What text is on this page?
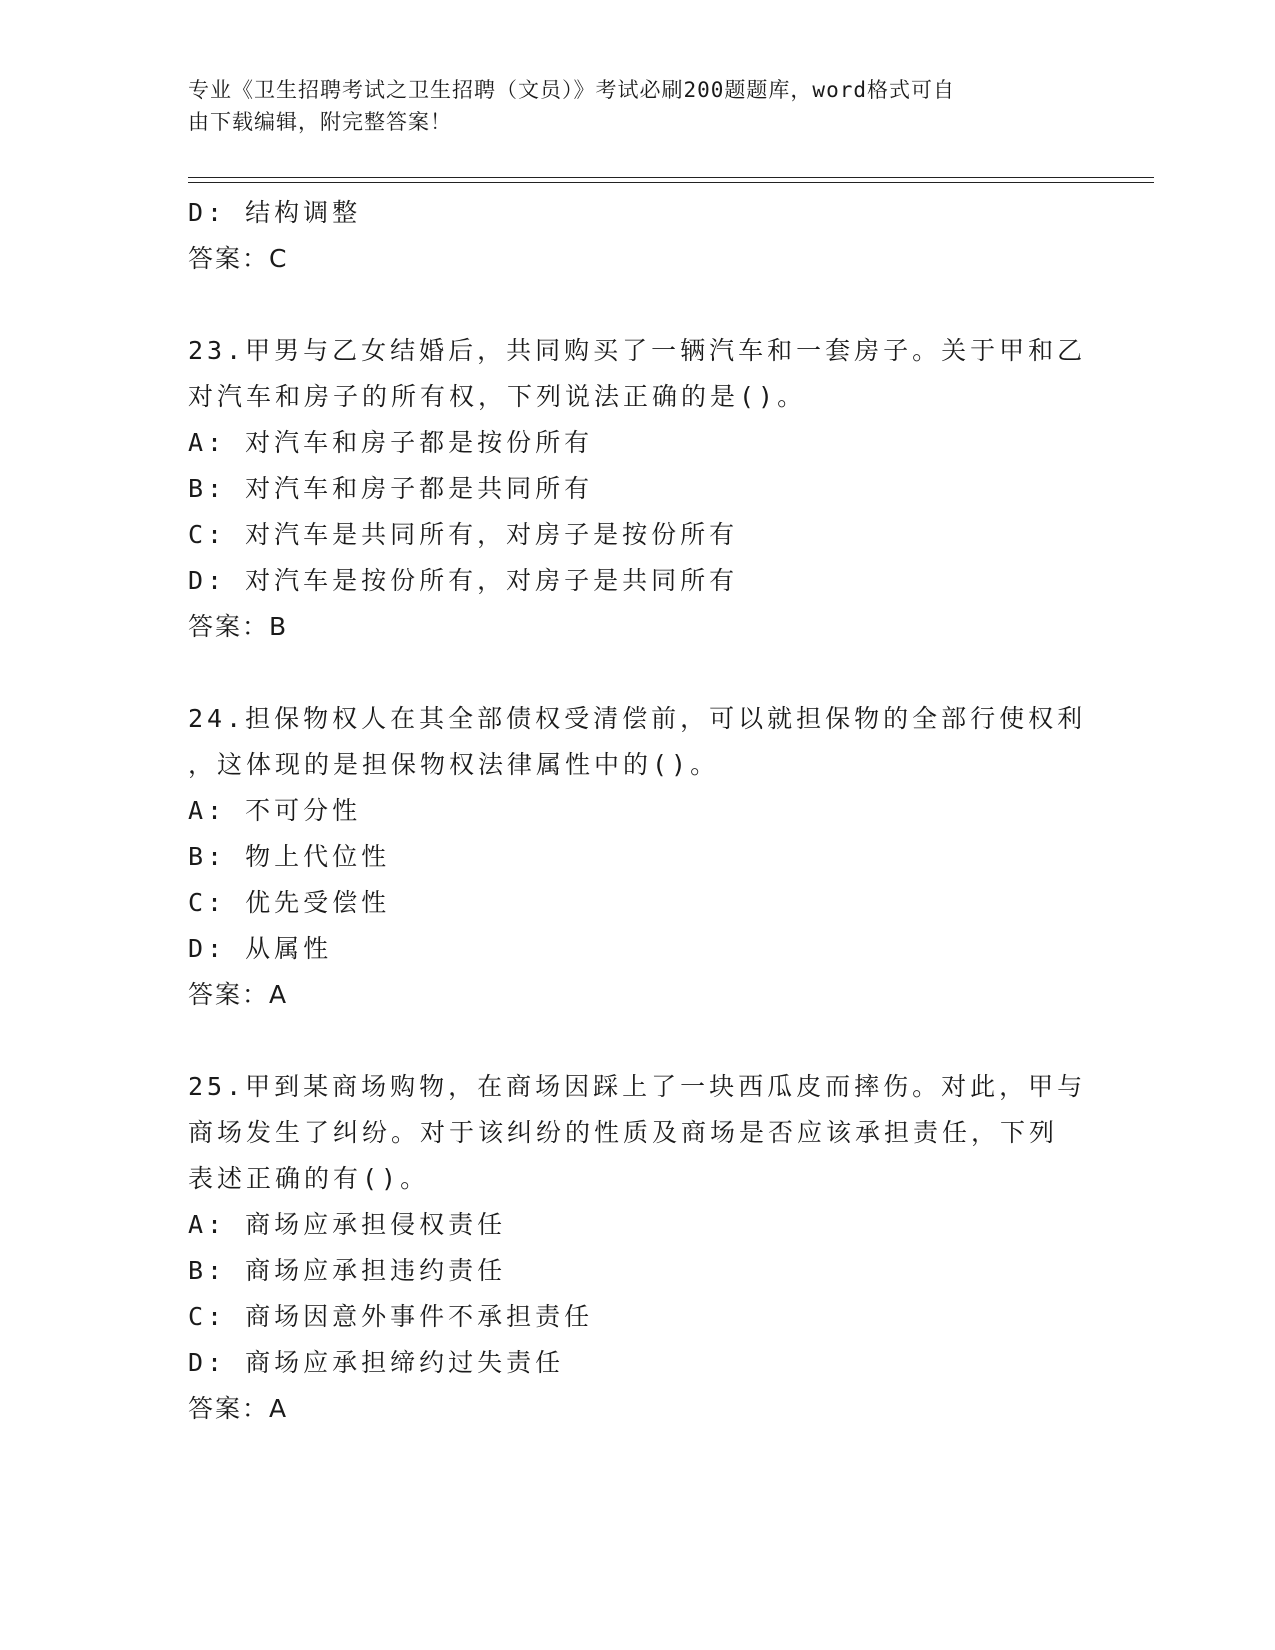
专业《卫生招聘考试之卫生招聘（文员）》考试必刷200题题库，word格式可自
由下载编辑，附完整答案！
D: 结构调整
答案：C
23.甲男与乙女结婚后，共同购买了一辆汽车和一套房子。关于甲和乙
对汽车和房子的所有权，下列说法正确的是()。
A: 对汽车和房子都是按份所有
B: 对汽车和房子都是共同所有
C: 对汽车是共同所有，对房子是按份所有
D: 对汽车是按份所有，对房子是共同所有
答案：B
24.担保物权人在其全部债权受清偿前，可以就担保物的全部行使权利
，这体现的是担保物权法律属性中的()。
A: 不可分性
B: 物上代位性
C: 优先受偿性
D: 从属性
答案：A
25.甲到某商场购物，在商场因踩上了一块西瓜皮而摔伤。对此，甲与
商场发生了纠纷。对于该纠纷的性质及商场是否应该承担责任，下列
表述正确的有()。
A: 商场应承担侵权责任
B: 商场应承担违约责任
C: 商场因意外事件不承担责任
D: 商场应承担缔约过失责任
答案：A
